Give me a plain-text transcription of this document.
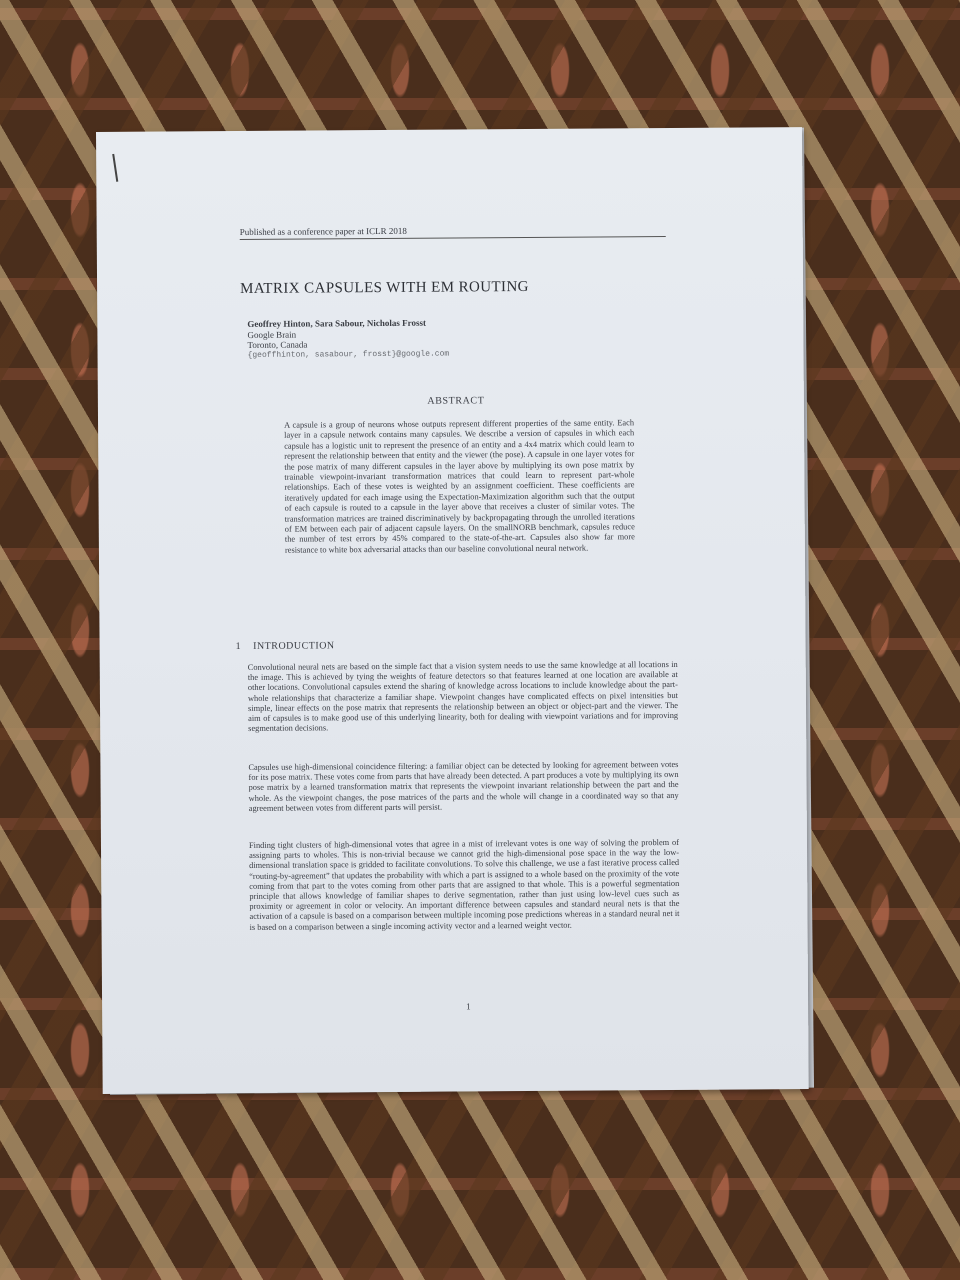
Published as a conference paper at ICLR 2018
MATRIX CAPSULES WITH EM ROUTING
Geoffrey Hinton, Sara Sabour, Nicholas Frosst
Google Brain
Toronto, Canada
{geoffhinton, sasabour, frosst}@google.com
ABSTRACT
A capsule is a group of neurons whose outputs represent different properties of the same entity. Each layer in a capsule network contains many capsules. We describe a version of capsules in which each capsule has a logistic unit to represent the presence of an entity and a 4x4 matrix which could learn to represent the relationship between that entity and the viewer (the pose). A capsule in one layer votes for the pose matrix of many different capsules in the layer above by multiplying its own pose matrix by trainable viewpoint-invariant transformation matrices that could learn to represent part-whole relationships. Each of these votes is weighted by an assignment coefficient. These coefficients are iteratively updated for each image using the Expectation-Maximization algorithm such that the output of each capsule is routed to a capsule in the layer above that receives a cluster of similar votes. The transformation matrices are trained discriminatively by backpropagating through the unrolled iterations of EM between each pair of adjacent capsule layers. On the smallNORB benchmark, capsules reduce the number of test errors by 45% compared to the state-of-the-art. Capsules also show far more resistance to white box adversarial attacks than our baseline convolutional neural network.
1 INTRODUCTION
Convolutional neural nets are based on the simple fact that a vision system needs to use the same knowledge at all locations in the image. This is achieved by tying the weights of feature detectors so that features learned at one location are available at other locations. Convolutional capsules extend the sharing of knowledge across locations to include knowledge about the part-whole relationships that characterize a familiar shape. Viewpoint changes have complicated effects on pixel intensities but simple, linear effects on the pose matrix that represents the relationship between an object or object-part and the viewer. The aim of capsules is to make good use of this underlying linearity, both for dealing with viewpoint variations and for improving segmentation decisions.
Capsules use high-dimensional coincidence filtering: a familiar object can be detected by looking for agreement between votes for its pose matrix. These votes come from parts that have already been detected. A part produces a vote by multiplying its own pose matrix by a learned transformation matrix that represents the viewpoint invariant relationship between the part and the whole. As the viewpoint changes, the pose matrices of the parts and the whole will change in a coordinated way so that any agreement between votes from different parts will persist.
Finding tight clusters of high-dimensional votes that agree in a mist of irrelevant votes is one way of solving the problem of assigning parts to wholes. This is non-trivial because we cannot grid the high-dimensional pose space in the way the low-dimensional translation space is gridded to facilitate convolutions. To solve this challenge, we use a fast iterative process called “routing-by-agreement” that updates the probability with which a part is assigned to a whole based on the proximity of the vote coming from that part to the votes coming from other parts that are assigned to that whole. This is a powerful segmentation principle that allows knowledge of familiar shapes to derive segmentation, rather than just using low-level cues such as proximity or agreement in color or velocity. An important difference between capsules and standard neural nets is that the activation of a capsule is based on a comparison between multiple incoming pose predictions whereas in a standard neural net it is based on a comparison between a single incoming activity vector and a learned weight vector.
1
